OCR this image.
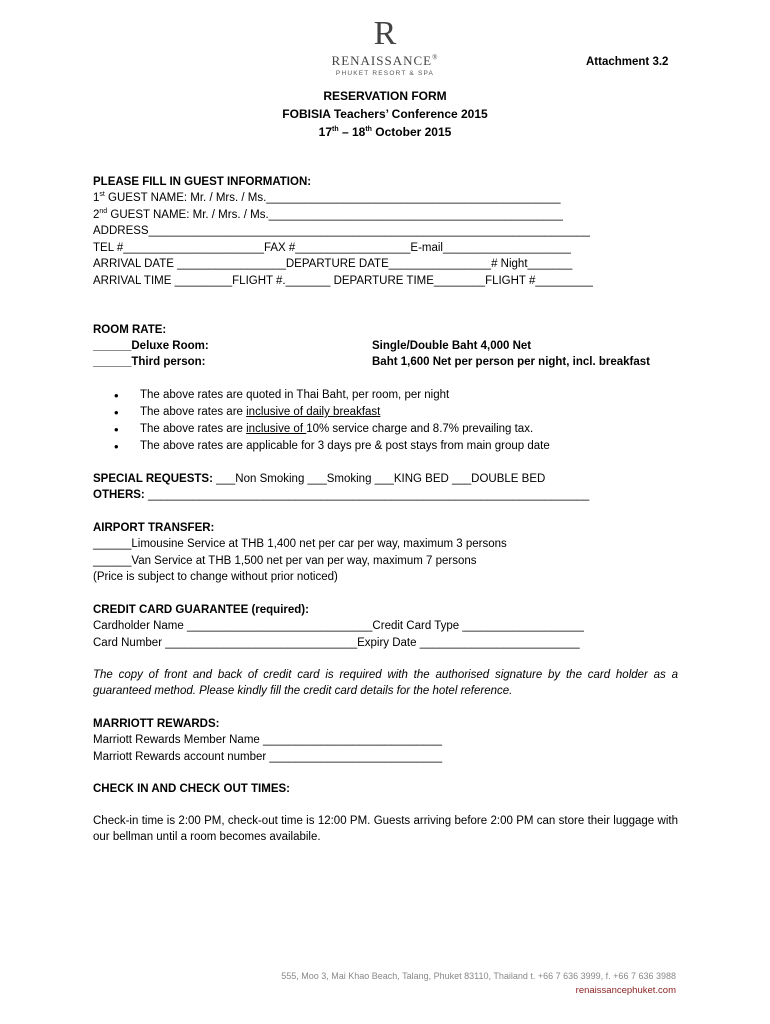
R
RENAISSANCE®
PHUKET RESORT & SPA
Attachment 3.2
RESERVATION FORM
FOBISIA Teachers’ Conference 2015
17th – 18th October 2015
PLEASE FILL IN GUEST INFORMATION:
1st GUEST NAME: Mr. / Mrs. / Ms.______________________________________________
2nd GUEST NAME: Mr. / Mrs. / Ms.______________________________________________
ADDRESS_____________________________________________________________________
TEL #______________________FAX #__________________E-mail____________________
ARRIVAL DATE _________________DEPARTURE DATE________________# Night_______
ARRIVAL TIME _________FLIGHT #._______ DEPARTURE TIME________FLIGHT #_________
ROOM RATE:
______Deluxe Room:	Single/Double Baht 4,000 Net
______Third person:	Baht 1,600 Net per person per night, incl. breakfast
• The above rates are quoted in Thai Baht, per room, per night
• The above rates are inclusive of daily breakfast
• The above rates are inclusive of 10% service charge and 8.7% prevailing tax.
• The above rates are applicable for 3 days pre & post stays from main group date
SPECIAL REQUESTS: ___Non Smoking ___Smoking ___KING BED ___DOUBLE BED
OTHERS: _____________________________________________________________________
AIRPORT TRANSFER:
______Limousine Service at THB 1,400 net per car per way, maximum 3 persons
______Van Service at THB 1,500 net per van per way, maximum 7 persons
(Price is subject to change without prior noticed)
CREDIT CARD GUARANTEE (required):
Cardholder Name _____________________________Credit Card Type ___________________
Card Number ______________________________Expiry Date _________________________
The copy of front and back of credit card is required with the authorised signature by the card holder as a guaranteed method. Please kindly fill the credit card details for the hotel reference.
MARRIOTT REWARDS:
Marriott Rewards Member Name ____________________________
Marriott Rewards account number ___________________________
CHECK IN AND CHECK OUT TIMES:
Check-in time is 2:00 PM, check-out time is 12:00 PM. Guests arriving before 2:00 PM can store their luggage with our bellman until a room becomes availabile.
555, Moo 3, Mai Khao Beach, Talang, Phuket 83110, Thailand t. +66 7 636 3999, f. +66 7 636 3988
renaissancephuket.com
